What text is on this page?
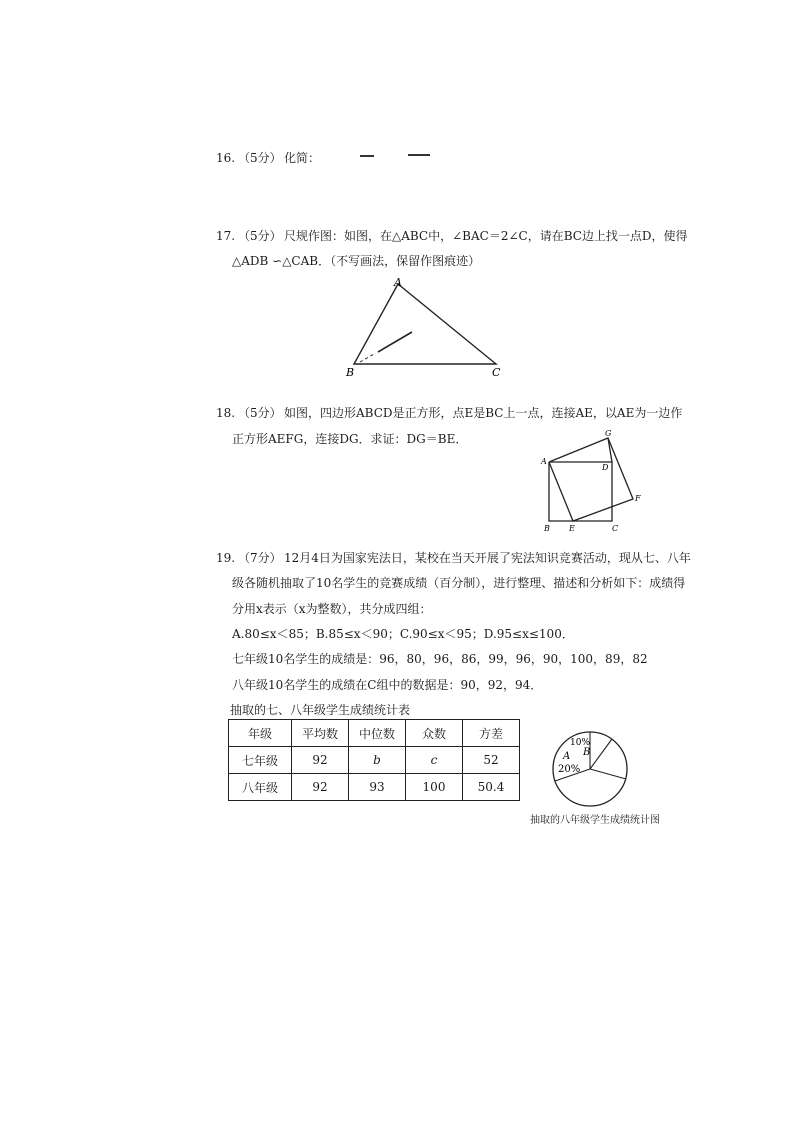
16. （5分） 化简：
17. （5分） 尺规作图：如图，在△ABC中，∠BAC＝2∠C，请在BC边上找一点D，使得
△ADB ∽△CAB．（不写画法，保留作图痕迹）
A
B	C
18. （5分） 如图，四边形ABCD是正方形，点E是BC上一点，连接AE，以AE为一边作
正方形AEFG，连接DG．求证：DG＝BE．
A
B	C
D
E
F
G
19. （7分） 12月4日为国家宪法日，某校在当天开展了宪法知识竞赛活动，现从七、八年
级各随机抽取了10名学生的竞赛成绩（百分制），进行整理、描述和分析如下：成绩得
分用x表示（x为整数），共分成四组：
A.80≤x＜85；B.85≤x＜90；C.90≤x＜95；D.95≤x≤100．
七年级10名学生的成绩是：96，80，96，86，99，96，90，100，89，82
八年级10名学生的成绩在C组中的数据是：90，92，94．
抽取的七、八年级学生成绩统计表
年级	平均数	中位数	众数	方差
七年级	92	b	c	52
八年级	92	93	100	50.4
10%
A B
20%
抽取的八年级学生成绩统计图
